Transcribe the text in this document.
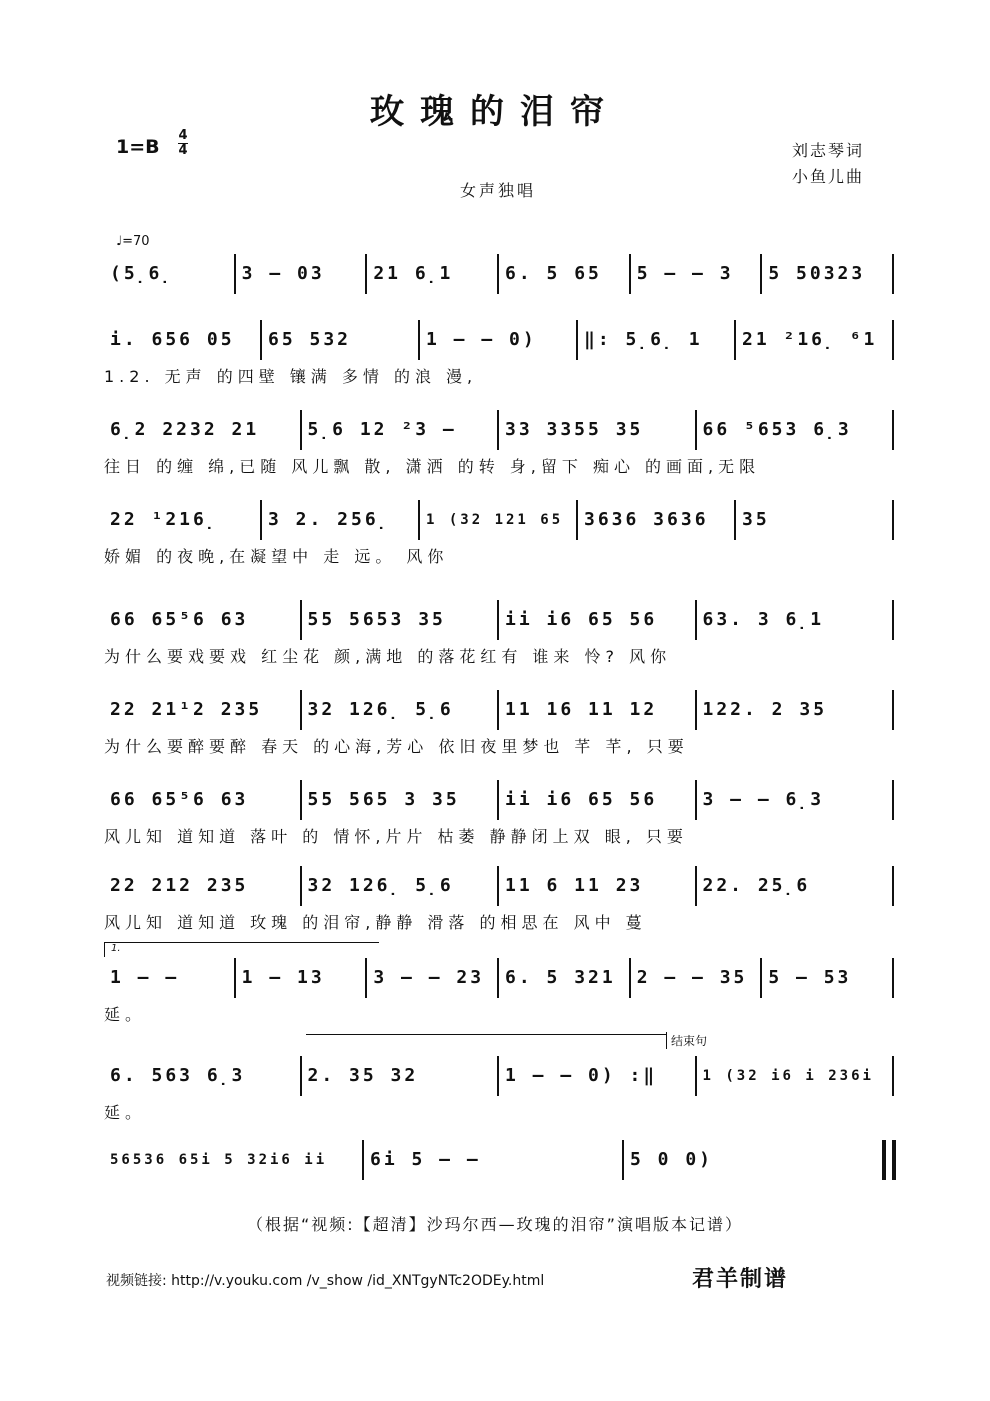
玫瑰的泪帘
1=B
4
4	刘志琴词
小鱼儿曲
女声独唱
♩=70
(5̣6̣	3 – 03	21 6̣1	6. 5 65	5 – – 3	5 50323
i. 656 05	65 532	1 – – 0)	‖: 5̣6̣ 1	21 ²16̣ ⁶1
1.2. 无声 的四壁 镶满 多情 的浪 漫,
6̣2 2232 21	5̣6 12 ²3 –	33 3355 35	66 ⁵653 6̣3
往日 的缠 绵,已随 风儿飘 散, 潇洒 的转 身,留下 痴心 的画面,无限
22 ¹216̣	3 2. 256̣	1 (32 121 65	3636 3636	35
娇媚 的夜晚,在凝望中 走 远。 风你
66 65⁵6 63	55 5653 35	ii i6 65 56	63. 3 6̣1
为什么要戏要戏 红尘花 颜,满地 的落花红有 谁来 怜? 风你
22 21¹2 235	32 126̣ 5̣6	11 16 11 12	122. 2 35
为什么要醉要醉 春天 的心海,芳心 依旧夜里梦也 芊 芊, 只要
66 65⁵6 63	55 565 3 35	ii i6 65 56	3 – – 6̣3
风儿知 道知道 落叶 的 情怀,片片 枯萎 静静闭上双 眼, 只要
22 212 235	32 126̣ 5̣6	11 6 11 23	22. 25̣6
风儿知 道知道 玫瑰 的泪帘,静静 滑落 的相思在 风中 蔓
1 – –	1 – 13	3 – – 23	6. 5 321	2 – – 35	5 – 53
延。
6. 563 6̣3	2. 35 32	1 – – 0) :‖	1 (32 i6 i 236i
延。
56536 65i 5 32i6 ii	6i 5 – –	5 0 0)
1.
结束句
（根据“视频:【超清】沙玛尔西—玫瑰的泪帘”演唱版本记谱）
视频链接: http://v.youku.com /v_show /id_XNTgyNTc2ODEy.html	君羊制谱
